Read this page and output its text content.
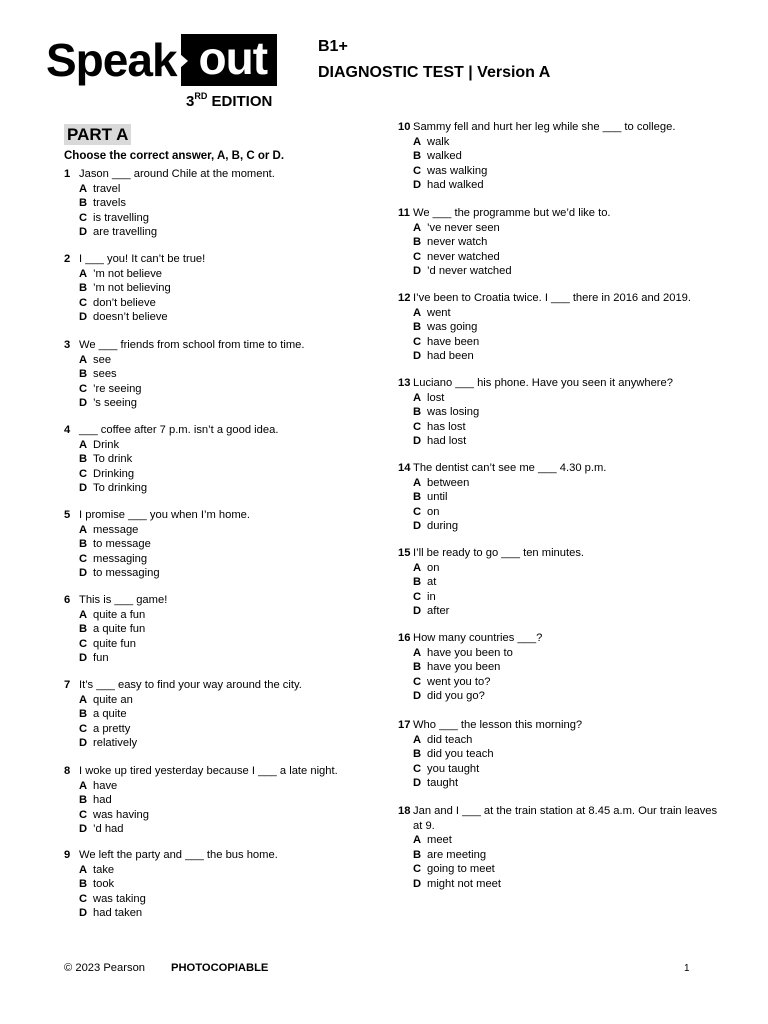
Speak out
3RD EDITION
B1+
DIAGNOSTIC TEST | Version A
PART A
Choose the correct answer, A, B, C or D.
1 Jason ___ around Chile at the moment.
A travel
B travels
C is travelling
D are travelling
2 I ___ you! It can’t be true!
A ’m not believe
B ’m not believing
C don’t believe
D doesn’t believe
3 We ___ friends from school from time to time.
A see
B sees
C ’re seeing
D ’s seeing
4 ___ coffee after 7 p.m. isn’t a good idea.
A Drink
B To drink
C Drinking
D To drinking
5 I promise ___ you when I’m home.
A message
B to message
C messaging
D to messaging
6 This is ___ game!
A quite a fun
B a quite fun
C quite fun
D fun
7 It’s ___ easy to find your way around the city.
A quite an
B a quite
C a pretty
D relatively
8 I woke up tired yesterday because I ___ a late night.
A have
B had
C was having
D ’d had
9 We left the party and ___ the bus home.
A take
B took
C was taking
D had taken
10 Sammy fell and hurt her leg while she ___ to college.
A walk
B walked
C was walking
D had walked
11 We ___ the programme but we’d like to.
A ’ve never seen
B never watch
C never watched
D ’d never watched
12 I’ve been to Croatia twice. I ___ there in 2016 and 2019.
A went
B was going
C have been
D had been
13 Luciano ___ his phone. Have you seen it anywhere?
A lost
B was losing
C has lost
D had lost
14 The dentist can’t see me ___ 4.30 p.m.
A between
B until
C on
D during
15 I’ll be ready to go ___ ten minutes.
A on
B at
C in
D after
16 How many countries ___?
A have you been to
B have you been
C went you to?
D did you go?
17 Who ___ the lesson this morning?
A did teach
B did you teach
C you taught
D taught
18 Jan and I ___ at the train station at 8.45 a.m. Our train leaves at 9.
A meet
B are meeting
C going to meet
D might not meet
© 2023 Pearson PHOTOCOPIABLE	1
